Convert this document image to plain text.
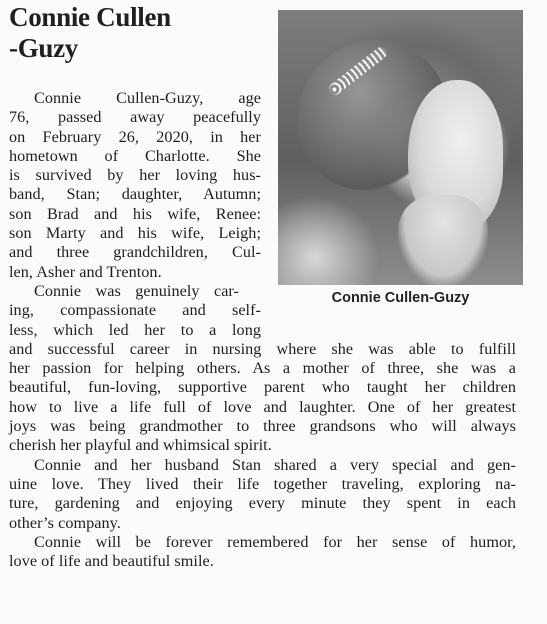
Connie Cullen
-Guzy
Connie Cullen-Guzy

Connie Cullen-Guzy, age
76, passed away peacefully
on February 26, 2020, in her
hometown of Charlotte. She
is survived by her loving hus-
band, Stan; daughter, Autumn;
son Brad and his wife, Renee:
son Marty and his wife, Leigh;
and three grandchildren, Cul-
len, Asher and Trenton.

Connie was genuinely car-
ing, compassionate and self-
less, which led her to a long
and successful career in nursing where she was able to fulfill
her passion for helping others. As a mother of three, she was a
beautiful, fun-loving, supportive parent who taught her children
how to live a life full of love and laughter. One of her greatest
joys was being grandmother to three grandsons who will always
cherish her playful and whimsical spirit.

Connie and her husband Stan shared a very special and gen-
uine love. They lived their life together traveling, exploring na-
ture, gardening and enjoying every minute they spent in each
other’s company.

Connie will be forever remembered for her sense of humor,
love of life and beautiful smile.
